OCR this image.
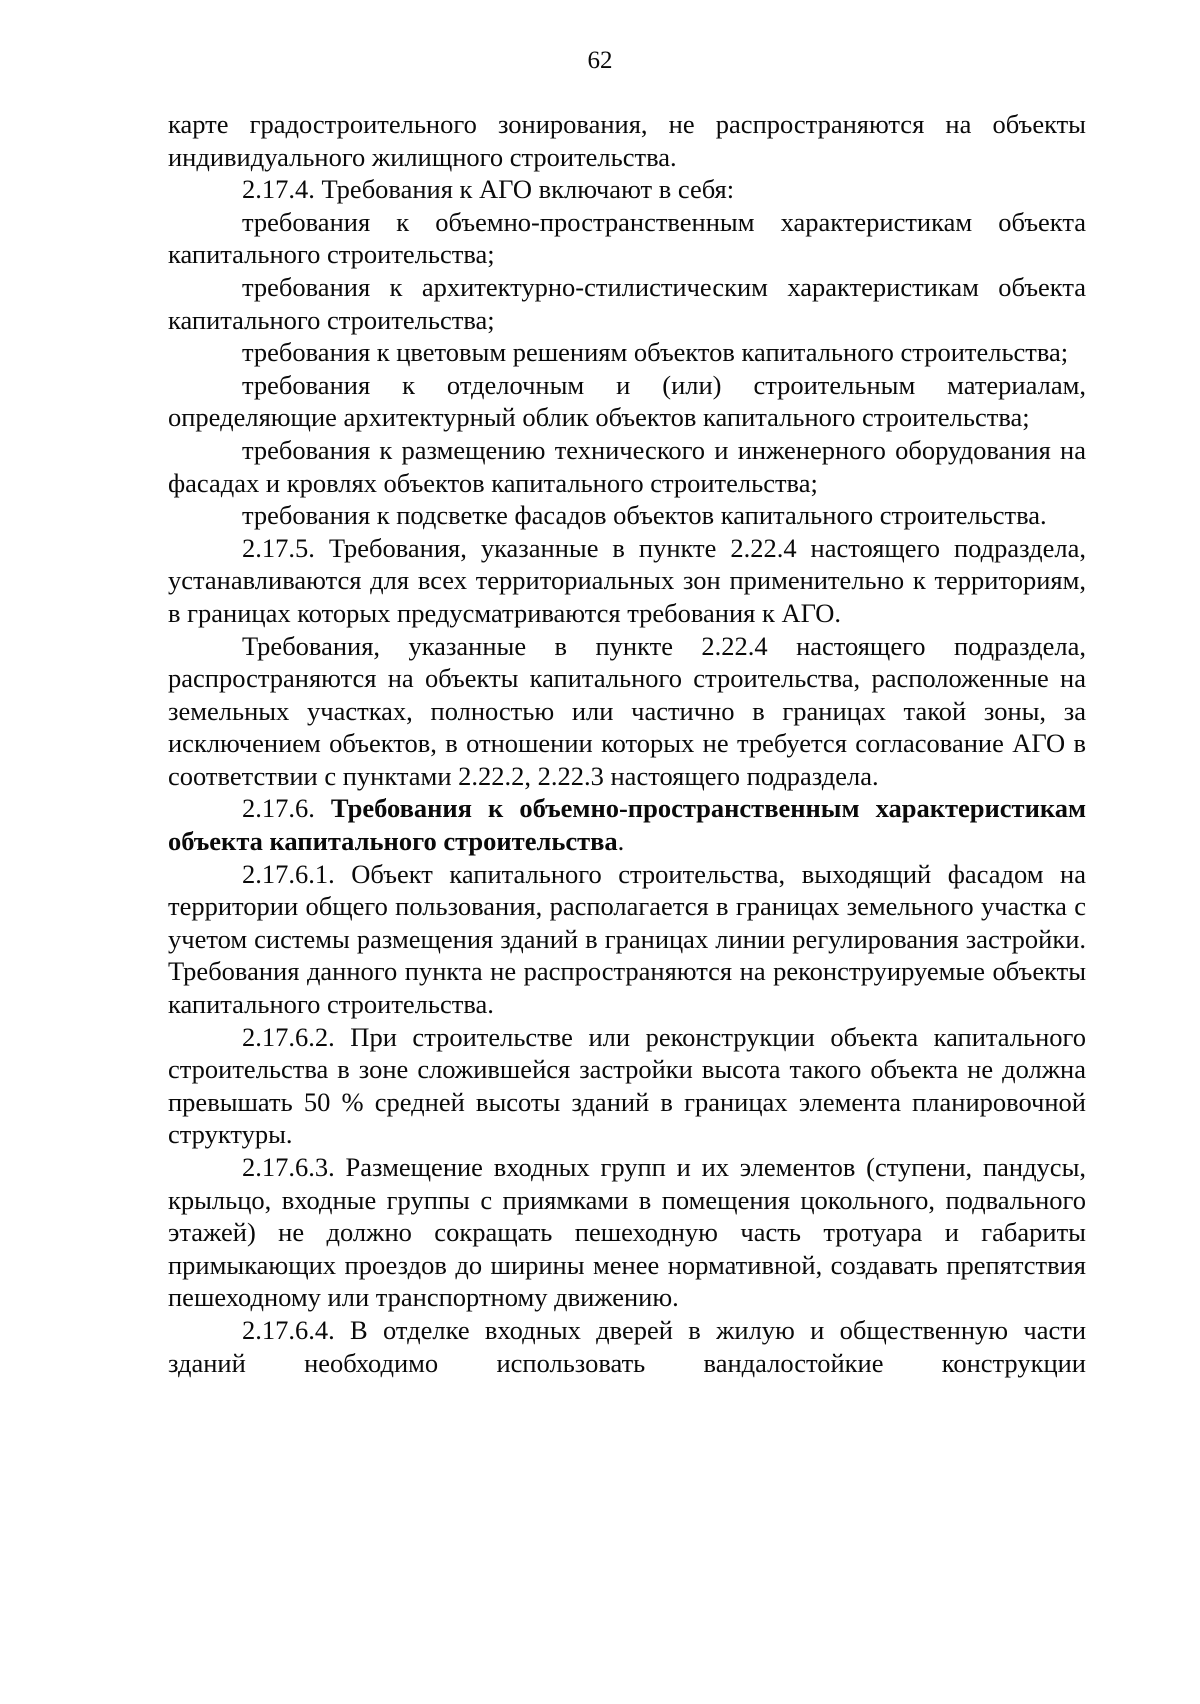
62

карте градостроительного зонирования, не распространяются на объекты индивидуального жилищного строительства.

2.17.4. Требования к АГО включают в себя:

требования к объемно-пространственным характеристикам объекта капитального строительства;

требования к архитектурно-стилистическим характеристикам объекта капитального строительства;

требования к цветовым решениям объектов капитального строительства;

требования к отделочным и (или) строительным материалам, определяющие архитектурный облик объектов капитального строительства;

требования к размещению технического и инженерного оборудования на фасадах и кровлях объектов капитального строительства;

требования к подсветке фасадов объектов капитального строительства.

2.17.5. Требования, указанные в пункте 2.22.4 настоящего подраздела, устанавливаются для всех территориальных зон применительно к территориям, в границах которых предусматриваются требования к АГО.

Требования, указанные в пункте 2.22.4 настоящего подраздела, распространяются на объекты капитального строительства, расположенные на земельных участках, полностью или частично в границах такой зоны, за исключением объектов, в отношении которых не требуется согласование АГО в соответствии с пунктами 2.22.2, 2.22.3 настоящего подраздела.

2.17.6. Требования к объемно-пространственным характеристикам объекта капитального строительства.

2.17.6.1. Объект капитального строительства, выходящий фасадом на территории общего пользования, располагается в границах земельного участка с учетом системы размещения зданий в границах линии регулирования застройки. Требования данного пункта не распространяются на реконструируемые объекты капитального строительства.

2.17.6.2. При строительстве или реконструкции объекта капитального строительства в зоне сложившейся застройки высота такого объекта не должна превышать 50 % средней высоты зданий в границах элемента планировочной структуры.

2.17.6.3. Размещение входных групп и их элементов (ступени, пандусы, крыльцо, входные группы с приямками в помещения цокольного, подвального этажей) не должно сокращать пешеходную часть тротуара и габариты примыкающих проездов до ширины менее нормативной, создавать препятствия пешеходному или транспортному движению.

2.17.6.4. В отделке входных дверей в жилую и общественную части зданий необходимо использовать вандалостойкие конструкции
